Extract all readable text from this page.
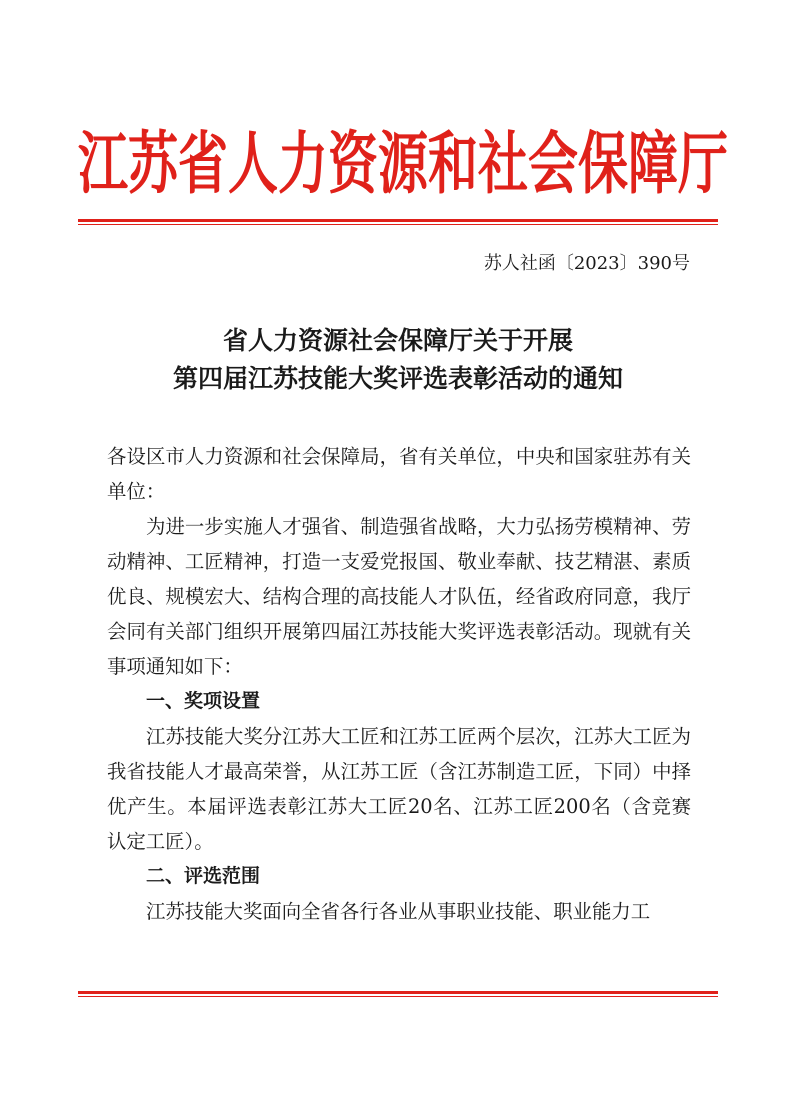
江苏省人力资源和社会保障厅
苏人社函〔2023〕390号
省人力资源社会保障厅关于开展
第四届江苏技能大奖评选表彰活动的通知

各设区市人力资源和社会保障局，省有关单位，中央和国家驻苏有关单位：

为进一步实施人才强省、制造强省战略，大力弘扬劳模精神、劳动精神、工匠精神，打造一支爱党报国、敬业奉献、技艺精湛、素质优良、规模宏大、结构合理的高技能人才队伍，经省政府同意，我厅会同有关部门组织开展第四届江苏技能大奖评选表彰活动。现就有关事项通知如下：

一、奖项设置

江苏技能大奖分江苏大工匠和江苏工匠两个层次，江苏大工匠为我省技能人才最高荣誉，从江苏工匠（含江苏制造工匠，下同）中择优产生。本届评选表彰江苏大工匠20名、江苏工匠200名（含竞赛认定工匠）。

二、评选范围

江苏技能大奖面向全省各行各业从事职业技能、职业能力工
